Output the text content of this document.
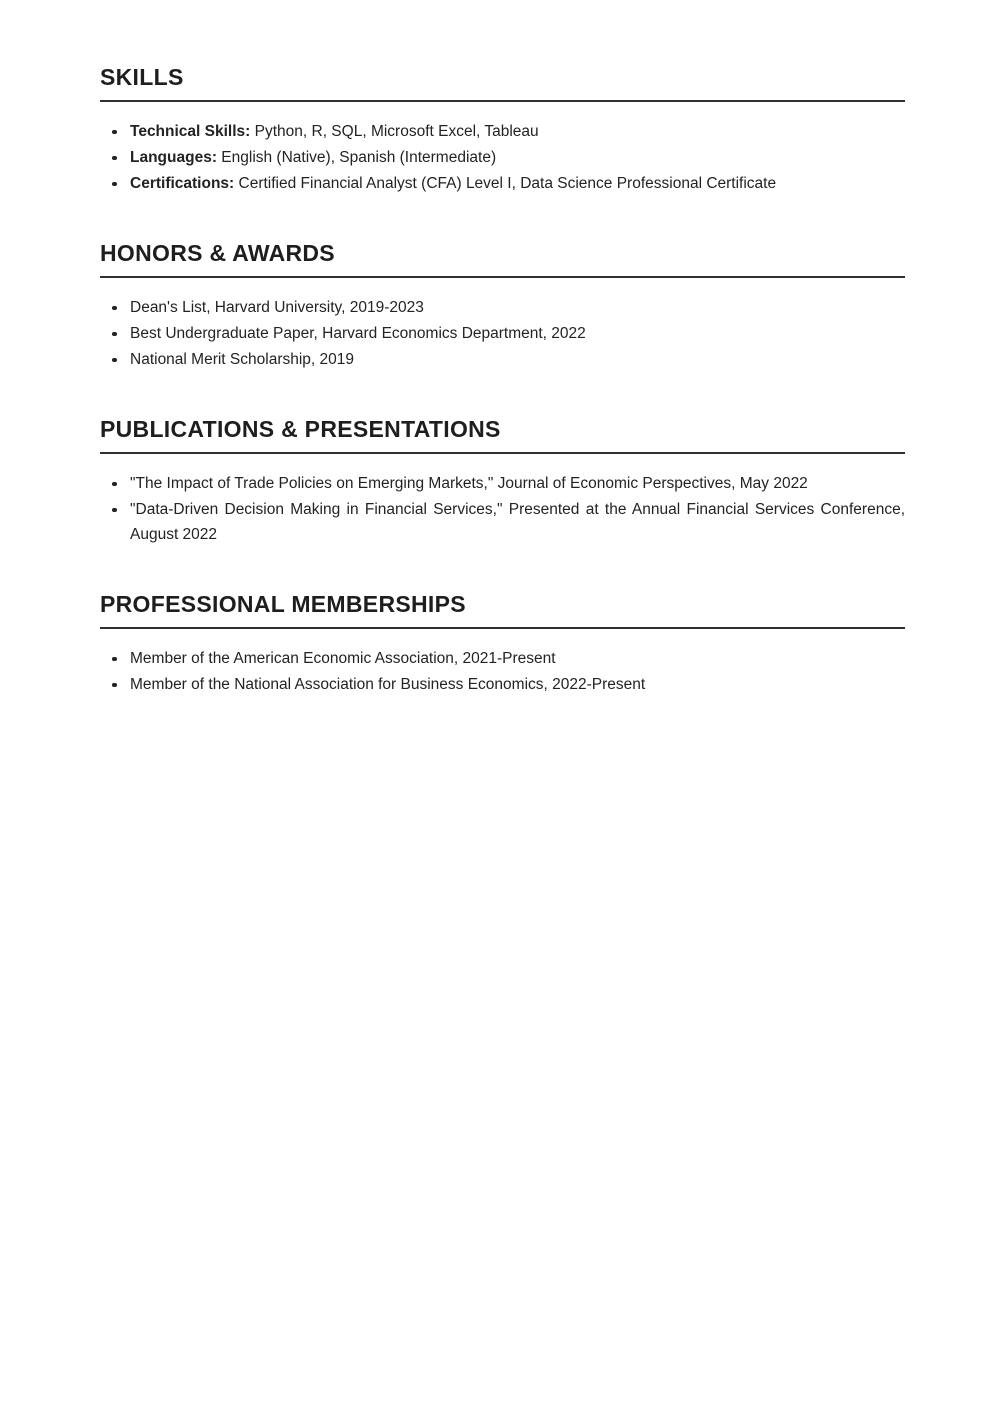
SKILLS
Technical Skills: Python, R, SQL, Microsoft Excel, Tableau
Languages: English (Native), Spanish (Intermediate)
Certifications: Certified Financial Analyst (CFA) Level I, Data Science Professional Certificate
HONORS & AWARDS
Dean's List, Harvard University, 2019-2023
Best Undergraduate Paper, Harvard Economics Department, 2022
National Merit Scholarship, 2019
PUBLICATIONS & PRESENTATIONS
"The Impact of Trade Policies on Emerging Markets," Journal of Economic Perspectives, May 2022
"Data-Driven Decision Making in Financial Services," Presented at the Annual Financial Services Conference, August 2022
PROFESSIONAL MEMBERSHIPS
Member of the American Economic Association, 2021-Present
Member of the National Association for Business Economics, 2022-Present
